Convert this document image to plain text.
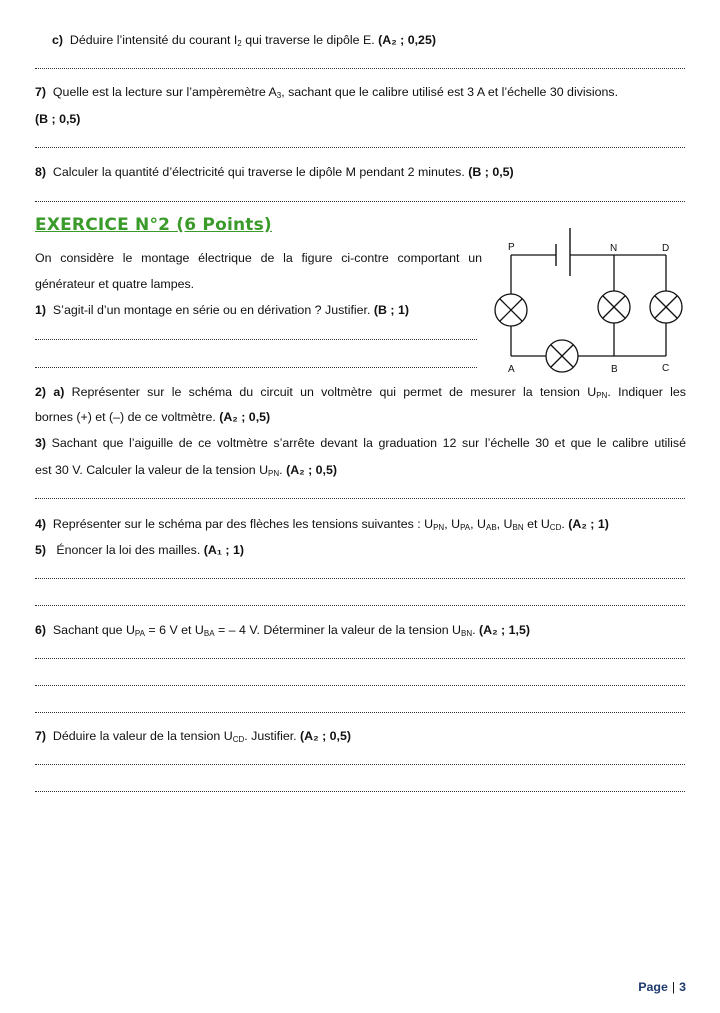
c) Déduire l’intensité du courant $I_2$ qui traverse le dipôle E. (A₂ ; 0,25)
7) Quelle est la lecture sur l’ampèremètre $A_3$, sachant que le calibre utilisé est 3 A et l’échelle 30 divisions.
(B ; 0,5)
8) Calculer la quantité d’électricité qui traverse le dipôle M pendant 2 minutes. (B ; 0,5)
EXERCICE N°2 (6 Points)
On considère le montage électrique de la figure ci-contre comportant un
générateur et quatre lampes.
1) S’agit-il d’un montage en série ou en dérivation ? Justifier. (B ; 1)
P	N	D
A	B	C
2) a) Représenter sur le schéma du circuit un voltmètre qui permet de mesurer la tension $U_{PN}$. Indiquer les
bornes (+) et (–) de ce voltmètre. (A₂ ; 0,5)
3) Sachant que l’aiguille de ce voltmètre s’arrête devant la graduation 12 sur l’échelle 30 et que le calibre utilisé
est 30 V. Calculer la valeur de la tension $U_{PN}$. (A₂ ; 0,5)
4) Représenter sur le schéma par des flèches les tensions suivantes : $U_{PN}$, $U_{PA}$, $U_{AB}$, $U_{BN}$ et $U_{CD}$. (A₂ ; 1)
5) Énoncer la loi des mailles. (A₁ ; 1)
6) Sachant que $U_{PA} = 6$ V et $U_{BA}$ = – 4 V. Déterminer la valeur de la tension $U_{BN}$. (A₂ ; 1,5)
7) Déduire la valeur de la tension $U_{CD}$. Justifier. (A₂ ; 0,5)
Page | 3
